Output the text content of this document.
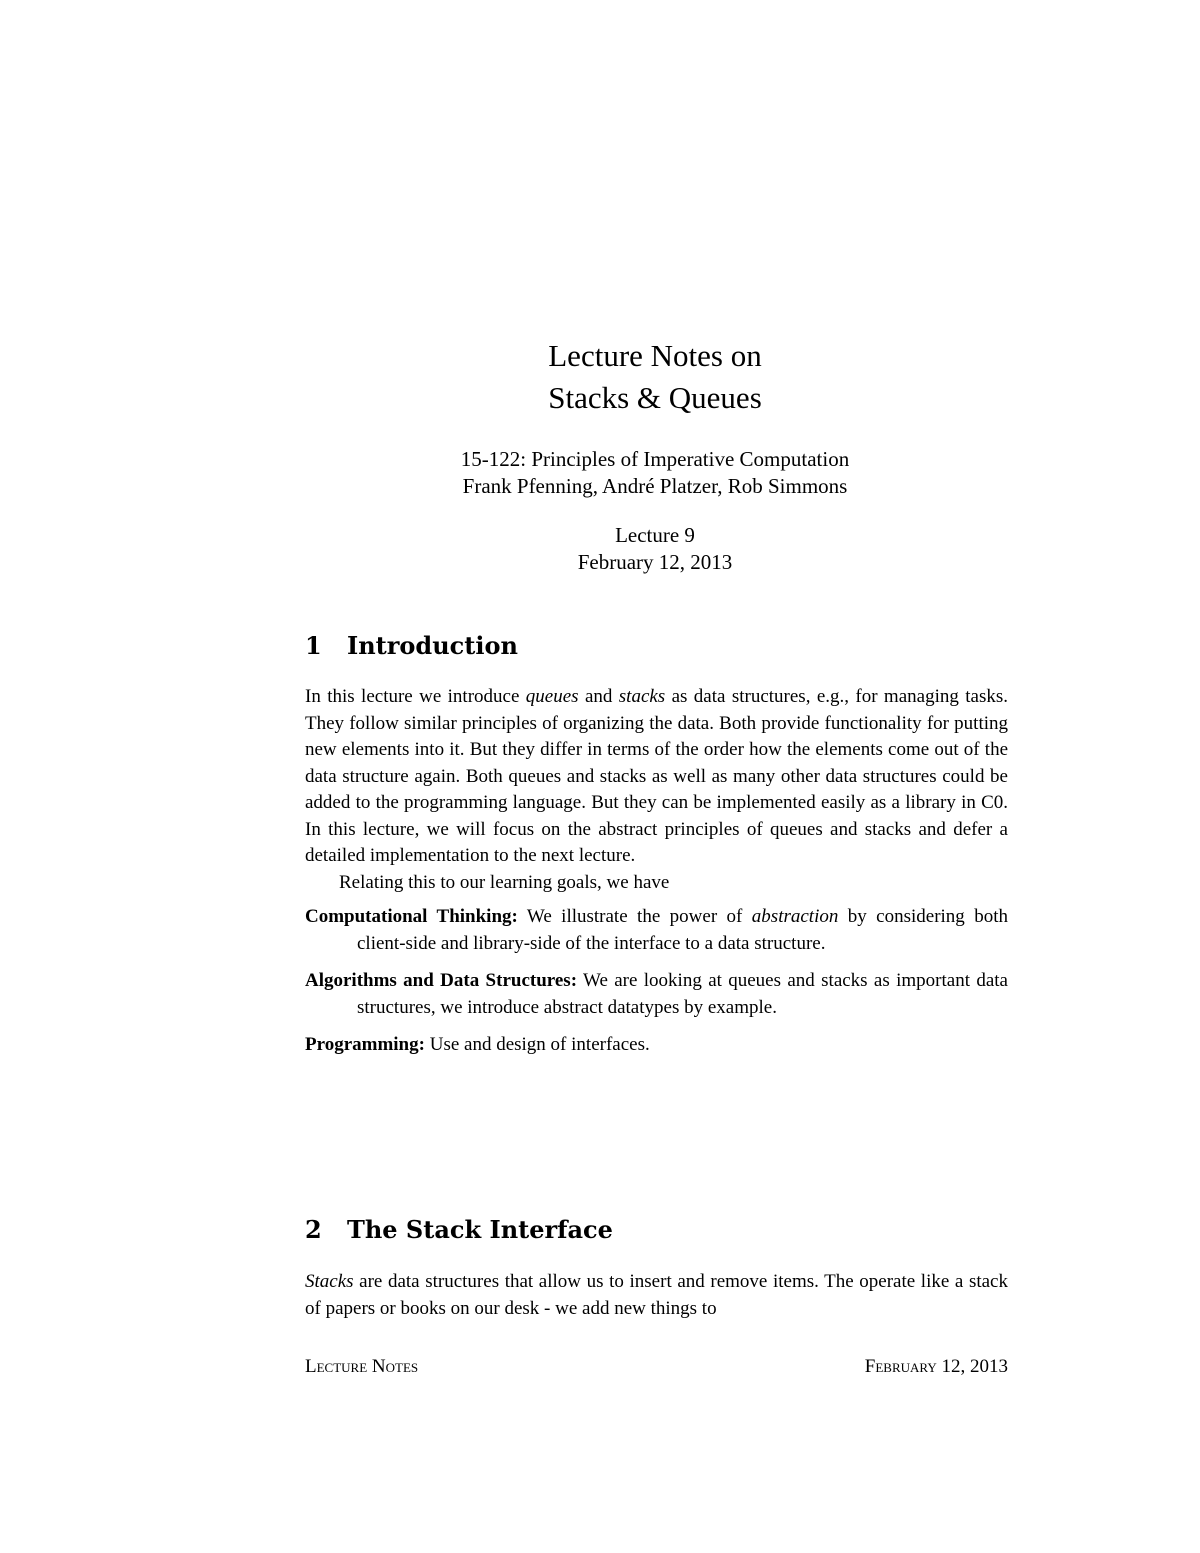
Lecture Notes on
Stacks & Queues
15-122: Principles of Imperative Computation
Frank Pfenning, André Platzer, Rob Simmons
Lecture 9
February 12, 2013
1 Introduction

In this lecture we introduce queues and stacks as data structures, e.g., for managing tasks. They follow similar principles of organizing the data. Both provide functionality for putting new elements into it. But they differ in terms of the order how the elements come out of the data structure again. Both queues and stacks as well as many other data structures could be added to the programming language. But they can be implemented easily as a library in C0. In this lecture, we will focus on the abstract principles of queues and stacks and defer a detailed implementation to the next lecture.

Relating this to our learning goals, we have

Computational Thinking: We illustrate the power of abstraction by considering both client-side and library-side of the interface to a data structure.

Algorithms and Data Structures: We are looking at queues and stacks as important data structures, we introduce abstract datatypes by example.

Programming: Use and design of interfaces.

2 The Stack Interface

Stacks are data structures that allow us to insert and remove items. The operate like a stack of papers or books on our desk - we add new things to

Lecture Notes	February 12, 2013
